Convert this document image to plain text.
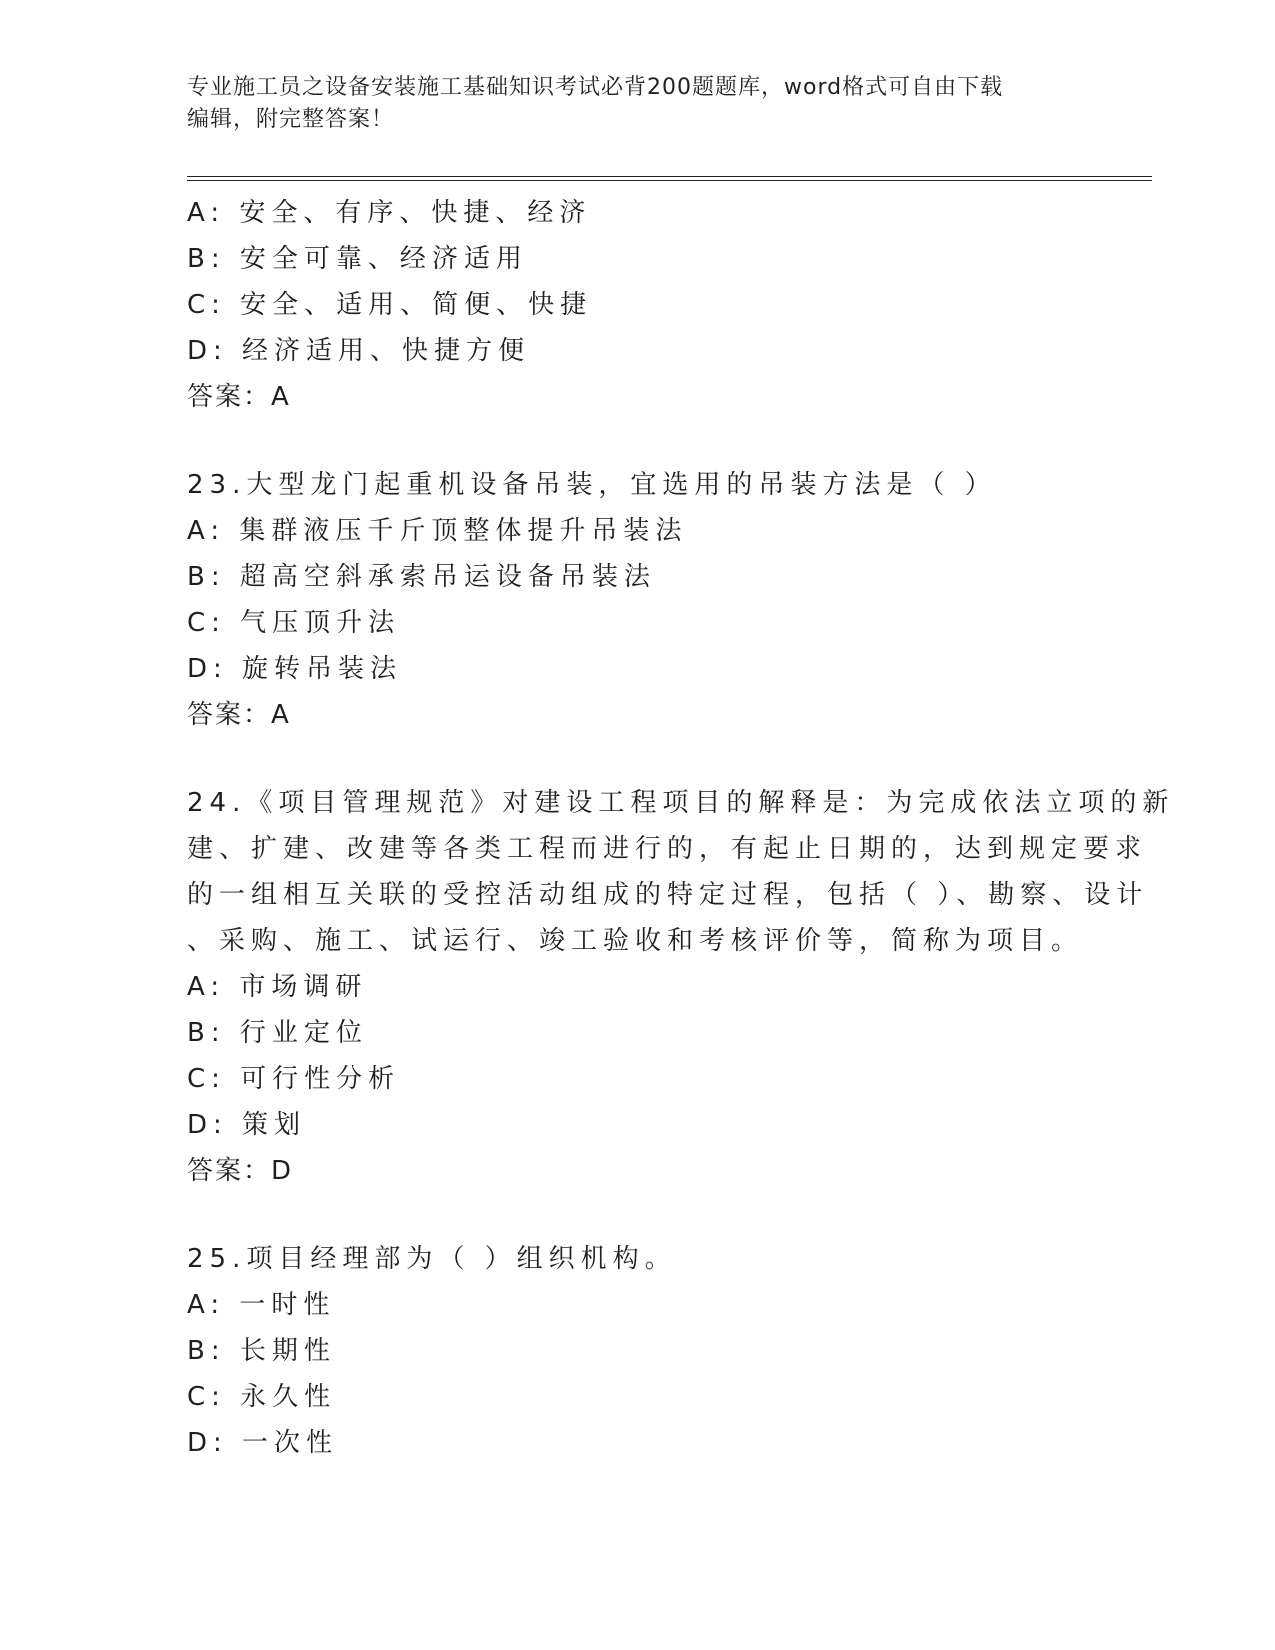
专业施工员之设备安装施工基础知识考试必背200题题库，word格式可自由下载
编辑，附完整答案！
A: 安全、有序、快捷、经济
B: 安全可靠、经济适用
C: 安全、适用、简便、快捷
D: 经济适用、快捷方便
答案：A
23.大型龙门起重机设备吊装，宜选用的吊装方法是（ ）
A: 集群液压千斤顶整体提升吊装法
B: 超高空斜承索吊运设备吊装法
C: 气压顶升法
D: 旋转吊装法
答案：A
24.《项目管理规范》对建设工程项目的解释是：为完成依法立项的新
建、扩建、改建等各类工程而进行的，有起止日期的，达到规定要求
的一组相互关联的受控活动组成的特定过程，包括（ ）、勘察、设计
、采购、施工、试运行、竣工验收和考核评价等，简称为项目。
A: 市场调研
B: 行业定位
C: 可行性分析
D: 策划
答案：D
25.项目经理部为（ ）组织机构。
A: 一时性
B: 长期性
C: 永久性
D: 一次性
